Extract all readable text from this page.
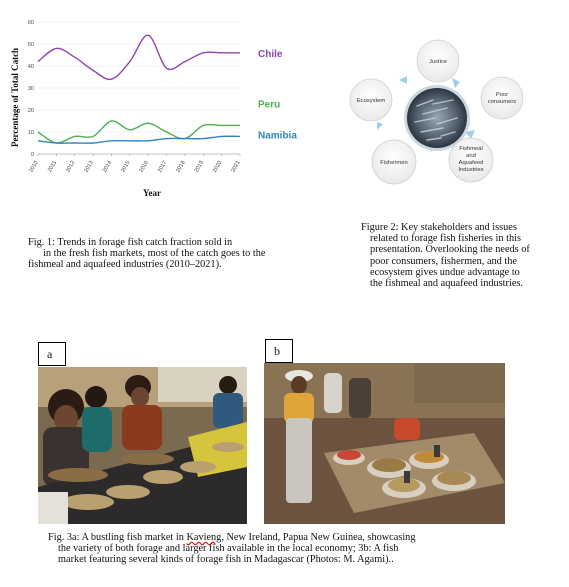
0
10
20
30
40
50
60
2010 2011 2012 2013 2014 2015 2016 2017 2018 2019 2020 2021
Chile
Peru
Namibia
Percentage of Total Catch
Year
Fig. 1: Trends in forage fish catch fraction sold in
in the fresh fish markets, most of the catch goes to the
fishmeal and aquafeed industries (2010–2021).
Justice
Poor
consumers
Fishmeal
and
Aquafeed
Industries
Fishermen
Ecosystem
Figure 2: Key stakeholders and issues
related to forage fish fisheries in this
presentation. Overlooking the needs of
poor consumers, fishermen, and the
ecosystem gives undue advantage to
the fishmeal and aquafeed industries.
a	b
Fig. 3a: A bustling fish market in Kavieng, New Ireland, Papua New Guinea, showcasing
the variety of both forage and larger fish available in the local economy; 3b: A fish
market featuring several kinds of forage fish in Madagascar (Photos: M. Agami)..
